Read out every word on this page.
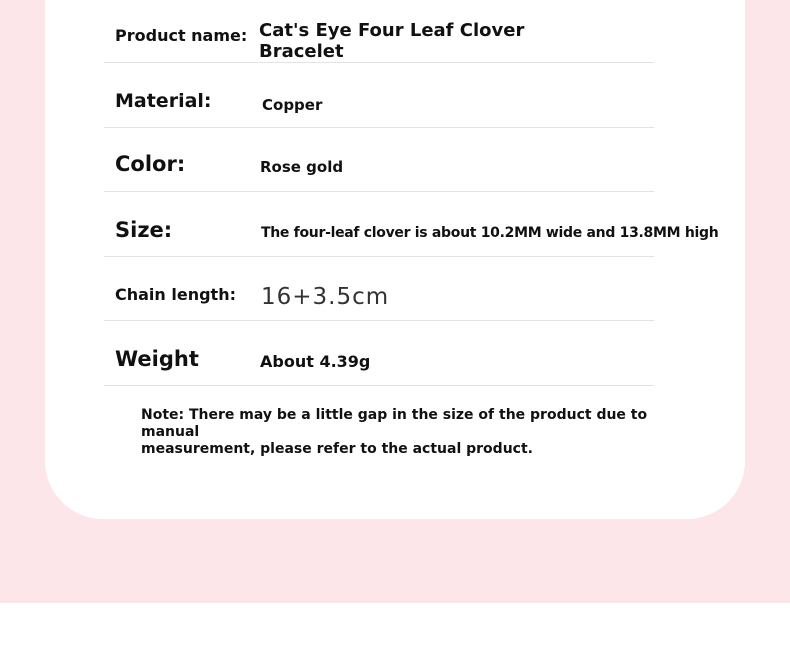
Product name: Cat's Eye Four Leaf Clover
Bracelet
Material:	Copper
Color:	Rose gold
Size:	The four-leaf clover is about 10.2MM wide and 13.8MM high
Chain length: 16+3.5cm
Weight	About 4.39g
Note: There may be a little gap in the size of the product due to manual
measurement, please refer to the actual product.
